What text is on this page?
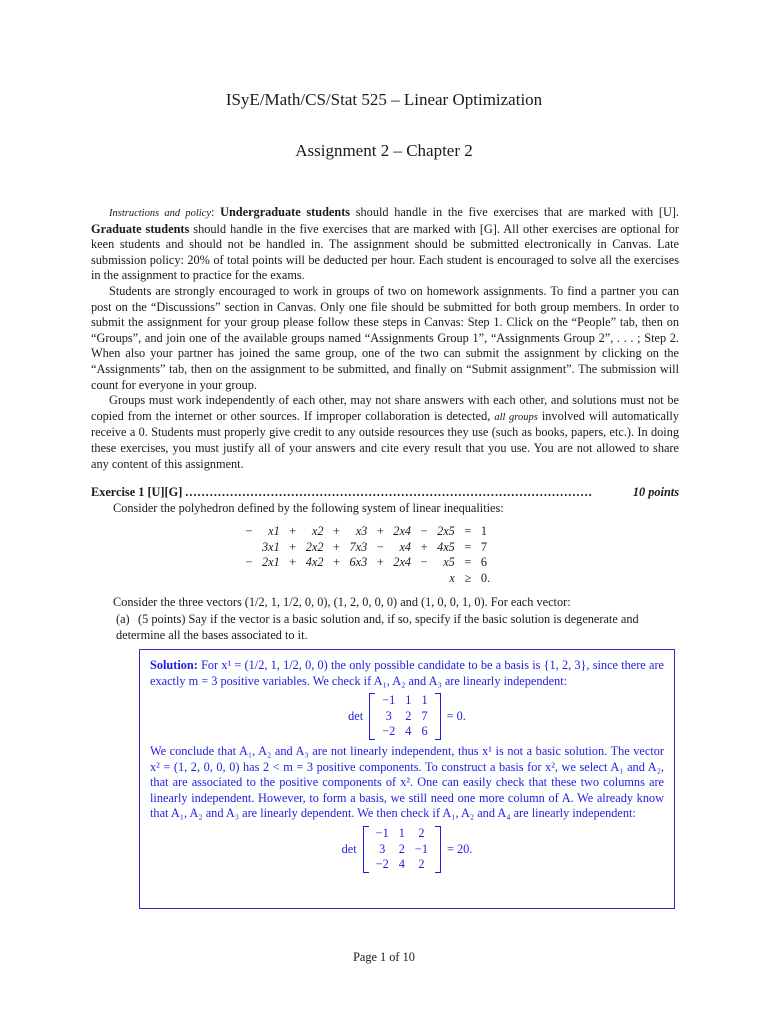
ISyE/Math/CS/Stat 525 – Linear Optimization
Assignment 2 – Chapter 2

Instructions and policy: Undergraduate students should handle in the five exercises that are marked with [U]. Graduate students should handle in the five exercises that are marked with [G]. All other exercises are optional for keen students and should not be handled in. The assignment should be submitted electronically in Canvas. Late submission policy: 20% of total points will be deducted per hour. Each student is encouraged to solve all the exercises in the assignment to practice for the exams.

Students are strongly encouraged to work in groups of two on homework assignments. To find a partner you can post on the “Discussions” section in Canvas. Only one file should be submitted for both group members. In order to submit the assignment for your group please follow these steps in Canvas: Step 1. Click on the “People” tab, then on “Groups”, and join one of the available groups named “Assignments Group 1”, “Assignments Group 2”, . . . ; Step 2. When also your partner has joined the same group, one of the two can submit the assignment by clicking on the “Assignments” tab, then on the assignment to be submitted, and finally on “Submit assignment”. The submission will count for everyone in your group.

Groups must work independently of each other, may not share answers with each other, and solutions must not be copied from the internet or other sources. If improper collaboration is detected, all groups involved will automatically receive a 0. Students must properly give credit to any outside resources they use (such as books, papers, etc.). In doing these exercises, you must justify all of your answers and cite every result that you use. You are not allowed to share any content of this assignment.

Exercise 1 [U][G] ....................................................................................................	10 points
Consider the polyhedron defined by the following system of linear inequalities:
−	x1	+	x2	+	x3	+	2x4	−	2x5	=	1
	3x1	+	2x2	+	7x3	−	x4	+	4x5	=	7
−	2x1	+	4x2	+	6x3	+	2x4	−	x5	=	6
									x	≥	0.
Consider the three vectors (1/2, 1, 1/2, 0, 0), (1, 2, 0, 0, 0) and (1, 0, 0, 1, 0). For each vector:
(a) (5 points) Say if the vector is a basic solution and, if so, specify if the basic solution is degenerate and determine all the bases associated to it.
Solution: For x¹ = (1/2, 1, 1/2, 0, 0) the only possible candidate to be a basis is {1, 2, 3}, since there are exactly m = 3 positive variables. We check if A₁, A₂ and A₃ are linearly independent:
det
−1	1	1
3	2	7
−2	4	6
= 0.
We conclude that A₁, A₂ and A₃ are not linearly independent, thus x¹ is not a basic solution. The vector x² = (1, 2, 0, 0, 0) has 2 < m = 3 positive components. To construct a basis for x², we select A₁ and A₂, that are associated to the positive components of x². One can easily check that these two columns are linearly independent. However, to form a basis, we still need one more column of A. We already know that A₁, A₂ and A₃ are linearly dependent. We then check if A₁, A₂ and A₄ are linearly independent:
det
−1	1	2
3	2	−1
−2	4	2
= 20.
Page 1 of 10
